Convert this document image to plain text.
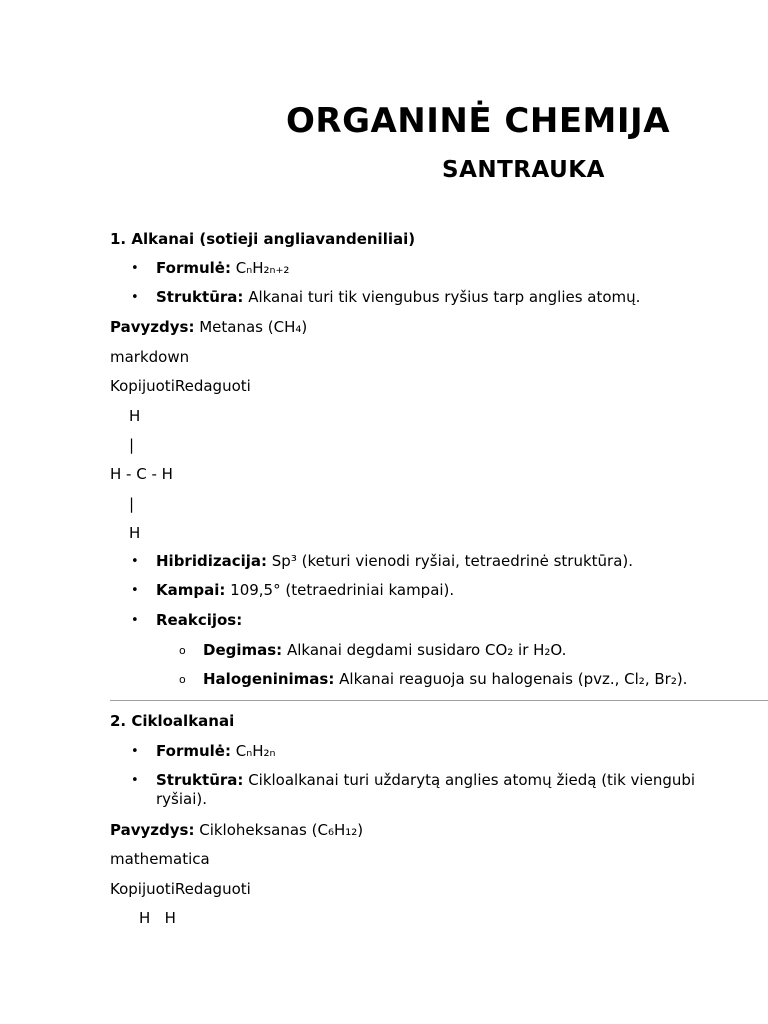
ORGANINĖ CHEMIJA
SANTRAUKA
1. Alkanai (sotieji angliavandeniliai)
• Formulė: CₙH₂ₙ₊₂
• Struktūra: Alkanai turi tik viengubus ryšius tarp anglies atomų.
Pavyzdys: Metanas (CH₄)
markdown
KopijuotiRedaguoti
H
|
H - C - H
|
H
• Hibridizacija: Sp³ (keturi vienodi ryšiai, tetraedrinė struktūra).
• Kampai: 109,5° (tetraedriniai kampai).
• Reakcijos:
o Degimas: Alkanai degdami susidaro CO₂ ir H₂O.
o Halogeninimas: Alkanai reaguoja su halogenais (pvz., Cl₂, Br₂).
2. Cikloalkanai
• Formulė: CₙH₂ₙ
• Struktūra: Cikloalkanai turi uždarytą anglies atomų žiedą (tik viengubi ryšiai).
Pavyzdys: Cikloheksanas (C₆H₁₂)
mathematica
KopijuotiRedaguoti
H   H
